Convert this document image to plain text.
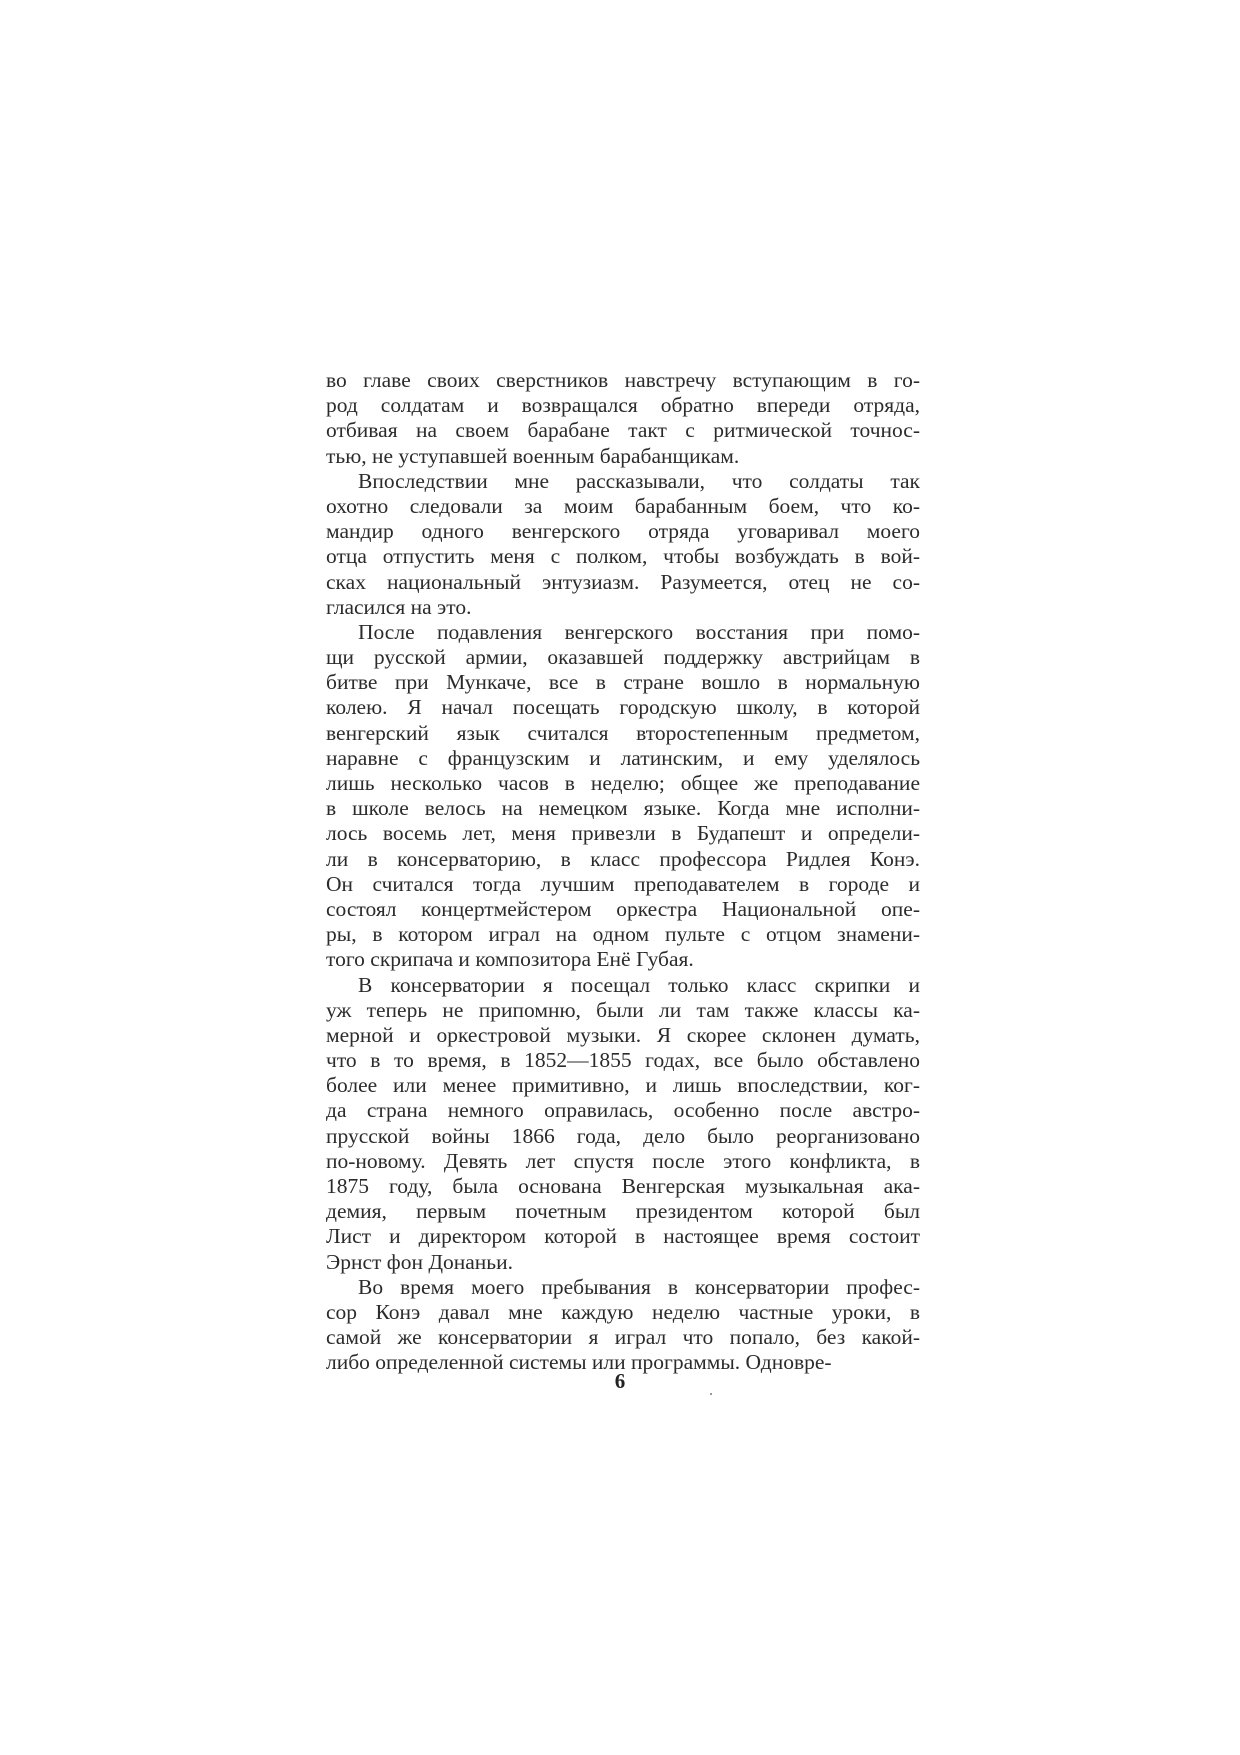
во главе своих сверстников навстречу вступающим в го-
род солдатам и возвращался обратно впереди отряда,
отбивая на своем барабане такт с ритмической точнос-
тью, не уступавшей военным барабанщикам.
Впоследствии мне рассказывали, что солдаты так
охотно следовали за моим барабанным боем, что ко-
мандир одного венгерского отряда уговаривал моего
отца отпустить меня с полком, чтобы возбуждать в вой-
сках национальный энтузиазм. Разумеется, отец не со-
гласился на это.
После подавления венгерского восстания при помо-
щи русской армии, оказавшей поддержку австрийцам в
битве при Мункаче, все в стране вошло в нормальную
колею. Я начал посещать городскую школу, в которой
венгерский язык считался второстепенным предметом,
наравне с французским и латинским, и ему уделялось
лишь несколько часов в неделю; общее же преподавание
в школе велось на немецком языке. Когда мне исполни-
лось восемь лет, меня привезли в Будапешт и определи-
ли в консерваторию, в класс профессора Ридлея Конэ.
Он считался тогда лучшим преподавателем в городе и
состоял концертмейстером оркестра Национальной опе-
ры, в котором играл на одном пульте с отцом знамени-
того скрипача и композитора Енё Губая.
В консерватории я посещал только класс скрипки и
уж теперь не припомню, были ли там также классы ка-
мерной и оркестровой музыки. Я скорее склонен думать,
что в то время, в 1852—1855 годах, все было обставлено
более или менее примитивно, и лишь впоследствии, ког-
да страна немного оправилась, особенно после австро-
прусской войны 1866 года, дело было реорганизовано
по-новому. Девять лет спустя после этого конфликта, в
1875 году, была основана Венгерская музыкальная ака-
демия, первым почетным президентом которой был
Лист и директором которой в настоящее время состоит
Эрнст фон Донаньи.
Во время моего пребывания в консерватории профес-
сор Конэ давал мне каждую неделю частные уроки, в
самой же консерватории я играл что попало, без какой-
либо определенной системы или программы. Одновре-
6
